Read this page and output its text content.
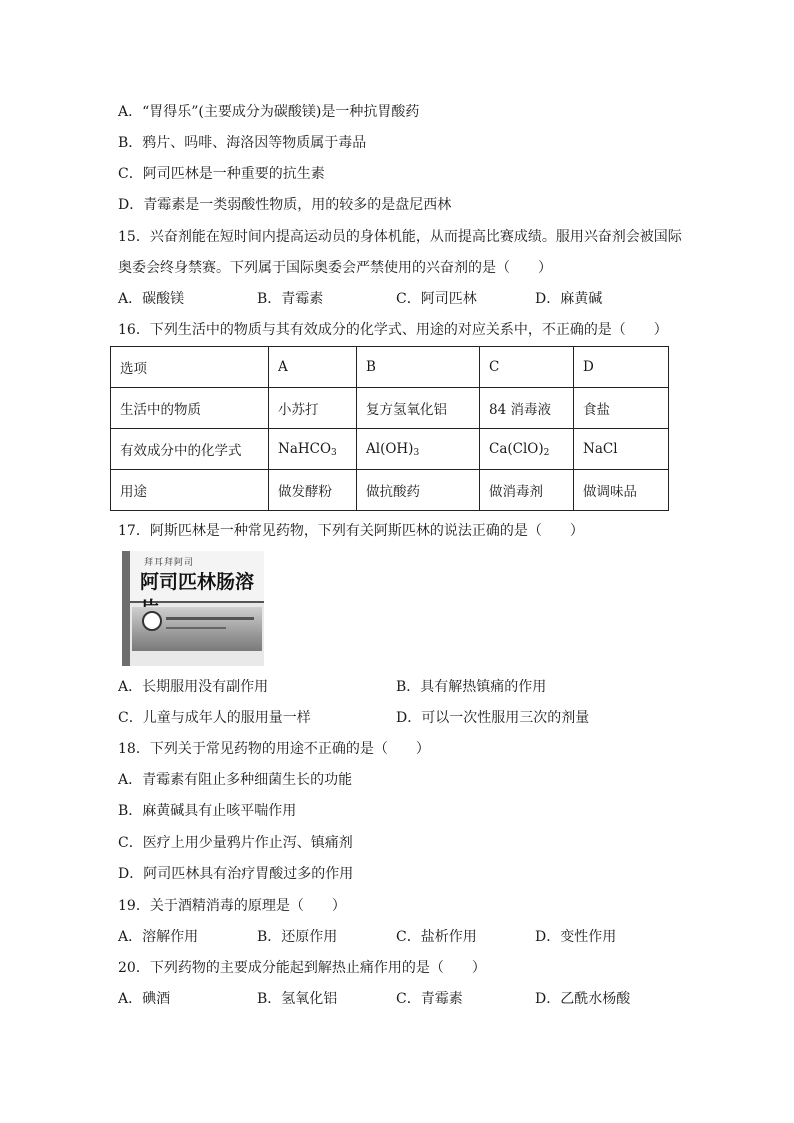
A．“胃得乐”(主要成分为碳酸镁)是一种抗胃酸药
B．鸦片、吗啡、海洛因等物质属于毒品
C．阿司匹林是一种重要的抗生素
D．青霉素是一类弱酸性物质，用的较多的是盘尼西林
15．兴奋剂能在短时间内提高运动员的身体机能，从而提高比赛成绩。服用兴奋剂会被国际
奥委会终身禁赛。下列属于国际奥委会严禁使用的兴奋剂的是（　　）
A．碳酸镁	B．青霉素	C．阿司匹林	D．麻黄碱
16．下列生活中的物质与其有效成分的化学式、用途的对应关系中，不正确的是（　　）
选项	A	B	C	D
生活中的物质	小苏打	复方氢氧化铝	84 消毒液	食盐
有效成分中的化学式	NaHCO$_3$	$Al(OH)_3$	$Ca(ClO)_2$	NaCl
用途	做发酵粉	做抗酸药	做消毒剂	做调味品
17．阿斯匹林是一种常见药物，下列有关阿斯匹林的说法正确的是（　　）
拜耳拜阿司
阿司匹林肠溶
A．长期服用没有副作用	B．具有解热镇痛的作用
C．儿童与成年人的服用量一样	D．可以一次性服用三次的剂量
18．下列关于常见药物的用途不正确的是（　　）
A．青霉素有阻止多种细菌生长的功能
B．麻黄碱具有止咳平喘作用
C．医疗上用少量鸦片作止泻、镇痛剂
D．阿司匹林具有治疗胃酸过多的作用
19．关于酒精消毒的原理是（　　）
A．溶解作用	B．还原作用	C．盐析作用	D．变性作用
20．下列药物的主要成分能起到解热止痛作用的是（　　）
A．碘酒	B．氢氧化铝	C．青霉素	D．乙酰水杨酸
